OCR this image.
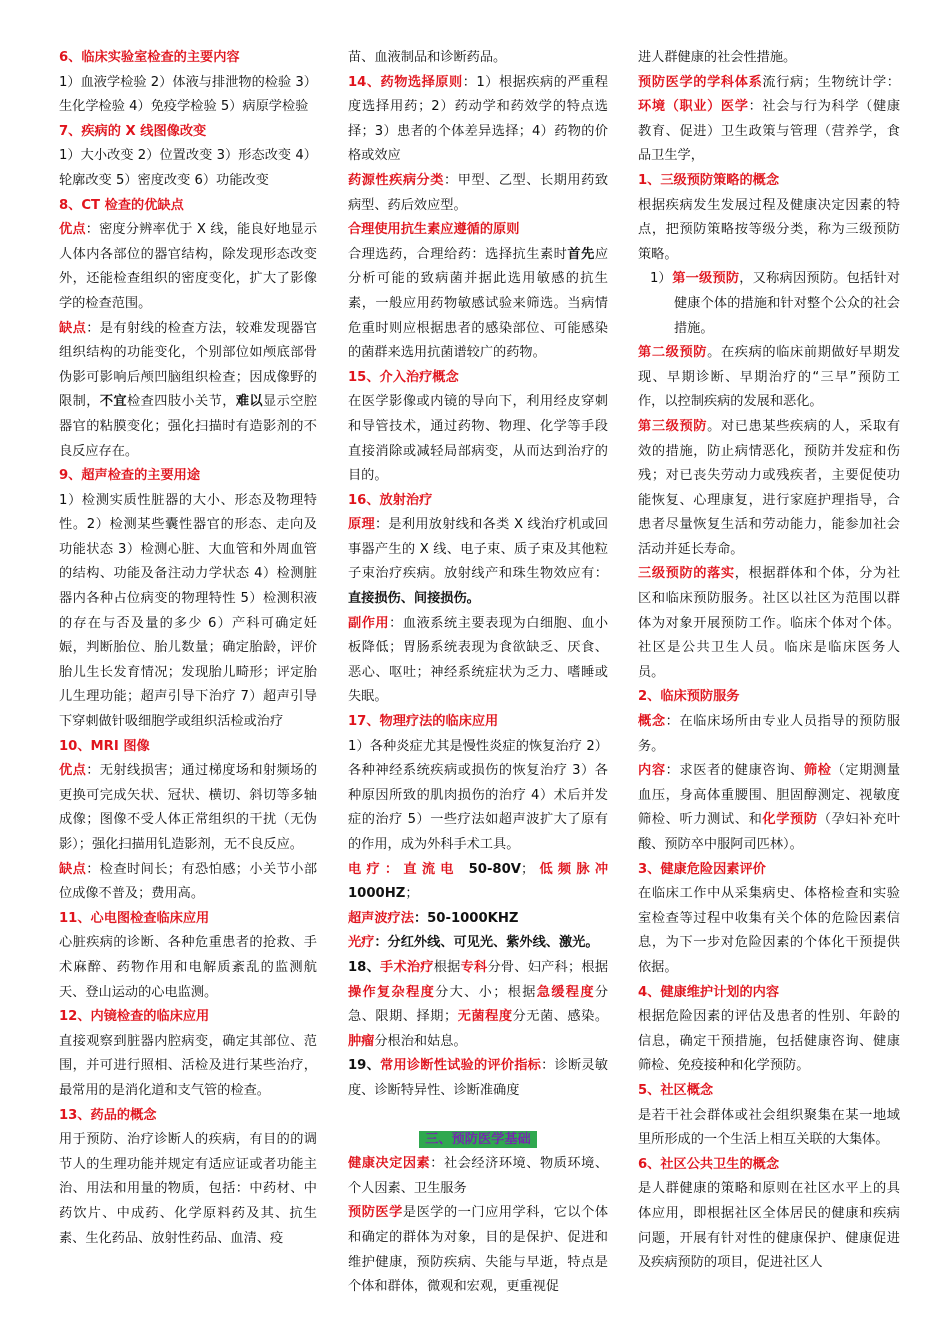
6、临床实验室检查的主要内容

1）血液学检验 2）体液与排泄物的检验 3）生化学检验 4）免疫学检验 5）病原学检验

7、疾病的 X 线图像改变

1）大小改变 2）位置改变 3）形态改变 4）轮廓改变 5）密度改变 6）功能改变

8、CT 检查的优缺点

优点：密度分辨率优于 X 线，能良好地显示人体内各部位的器官结构，除发现形态改变外，还能检查组织的密度变化，扩大了影像学的检查范围。

缺点：是有射线的检查方法，较难发现器官组织结构的功能变化，个别部位如颅底部骨伪影可影响后颅凹脑组织检查；因成像野的限制，不宜检查四肢小关节，难以显示空腔器官的粘膜变化；强化扫描时有造影剂的不良反应存在。

9、超声检查的主要用途

1）检测实质性脏器的大小、形态及物理特性。2）检测某些囊性器官的形态、走向及功能状态 3）检测心脏、大血管和外周血管的结构、功能及备注动力学状态 4）检测脏器内各种占位病变的物理特性 5）检测积液的存在与否及量的多少 6）产科可确定妊娠，判断胎位、胎儿数量；确定胎龄，评价胎儿生长发育情况；发现胎儿畸形；评定胎儿生理功能；超声引导下治疗 7）超声引导下穿刺做针吸细胞学或组织活检或治疗

10、MRI 图像

优点：无射线损害；通过梯度场和射频场的更换可完成矢状、冠状、横切、斜切等多轴成像；图像不受人体正常组织的干扰（无伪影）；强化扫描用钆造影剂，无不良反应。

缺点：检查时间长；有恐怕感；小关节小部位成像不普及；费用高。

11、心电图检查临床应用

心脏疾病的诊断、各种危重患者的抢救、手术麻醉、药物作用和电解质紊乱的监测航天、登山运动的心电监测。

12、内镜检查的临床应用

直接观察到脏器内腔病变，确定其部位、范围，并可进行照相、活检及进行某些治疗，最常用的是消化道和支气管的检查。

13、药品的概念

用于预防、治疗诊断人的疾病，有目的的调节人的生理功能并规定有适应证或者功能主治、用法和用量的物质，包括：中药材、中药饮片、中成药、化学原料药及其、抗生素、生化药品、放射性药品、血清、疫

苗、血液制品和诊断药品。

14、药物选择原则：1）根据疾病的严重程度选择用药；2）药动学和药效学的特点选择；3）患者的个体差异选择；4）药物的价格或效应

药源性疾病分类：甲型、乙型、长期用药致病型、药后效应型。

合理使用抗生素应遵循的原则

合理选药，合理给药：选择抗生素时首先应分析可能的致病菌并据此选用敏感的抗生素，一般应用药物敏感试验来筛选。当病情危重时则应根据患者的感染部位、可能感染的菌群来选用抗菌谱较广的药物。

15、介入治疗概念

在医学影像或内镜的导向下，利用经皮穿刺和导管技术，通过药物、物理、化学等手段直接消除或减轻局部病变，从而达到治疗的目的。

16、放射治疗

原理：是利用放射线和各类 X 线治疗机或回事器产生的 X 线、电子束、质子束及其他粒子束治疗疾病。放射线产和珠生物效应有：直接损伤、间接损伤。

副作用：血液系统主要表现为白细胞、血小板降低；胃肠系统表现为食欲缺乏、厌食、恶心、呕吐；神经系统症状为乏力、嗜睡或失眠。

17、物理疗法的临床应用

1）各种炎症尤其是慢性炎症的恢复治疗 2）各种神经系统疾病或损伤的恢复治疗 3）各种原因所致的肌肉损伤的治疗 4）术后并发症的治疗 5）一些疗法如超声波扩大了原有的作用，成为外科手术工具。

电疗：直流电 50-80V；低频脉冲 1000HZ；

超声波疗法：50-1000KHZ

光疗：分红外线、可见光、紫外线、激光。

18、手术治疗根据专科分骨、妇产科；根据操作复杂程度分大、小；根据急缓程度分急、限期、择期；无菌程度分无菌、感染。肿瘤分根治和姑息。

19、常用诊断性试验的评价指标：诊断灵敏度、诊断特异性、诊断准确度

三、预防医学基础

健康决定因素：社会经济环境、物质环境、个人因素、卫生服务

预防医学是医学的一门应用学科，它以个体和确定的群体为对象，目的是保护、促进和维护健康，预防疾病、失能与早逝，特点是个体和群体，微观和宏观，更重视促

进人群健康的社会性措施。

预防医学的学科体系流行病；生物统计学：环境（职业）医学：社会与行为科学（健康教育、促进）卫生政策与管理（营养学，食品卫生学，

1、三级预防策略的概念

根据疾病发生发展过程及健康决定因素的特点，把预防策略按等级分类，称为三级预防策略。

1）第一级预防，又称病因预防。包括针对健康个体的措施和针对整个公众的社会措施。

第二级预防。在疾病的临床前期做好早期发现、早期诊断、早期治疗的“三早”预防工作，以控制疾病的发展和恶化。

第三级预防。对已患某些疾病的人，采取有效的措施，防止病情恶化，预防并发症和伤残；对已丧失劳动力或残疾者，主要促使功能恢复、心理康复，进行家庭护理指导，合患者尽量恢复生活和劳动能力，能参加社会活动并延长寿命。

三级预防的落实，根据群体和个体，分为社区和临床预防服务。社区以社区为范围以群体为对象开展预防工作。临床个体对个体。社区是公共卫生人员。临床是临床医务人员。

2、临床预防服务

概念：在临床场所由专业人员指导的预防服务。

内容：求医者的健康咨询、筛检（定期测量血压，身高体重腰围、胆固醇测定、视敏度筛检、听力测试、和化学预防（孕妇补充叶酸、预防卒中服阿司匹林）。

3、健康危险因素评价

在临床工作中从采集病史、体格检查和实验室检查等过程中收集有关个体的危险因素信息，为下一步对危险因素的个体化干预提供依据。

4、健康维护计划的内容

根据危险因素的评估及患者的性别、年龄的信息，确定干预措施，包括健康咨询、健康筛检、免疫接种和化学预防。

5、社区概念

是若干社会群体或社会组织聚集在某一地域里所形成的一个生活上相互关联的大集体。

6、社区公共卫生的概念

是人群健康的策略和原则在社区水平上的具体应用，即根据社区全体居民的健康和疾病问题，开展有针对性的健康保护、健康促进及疾病预防的项目，促进社区人
